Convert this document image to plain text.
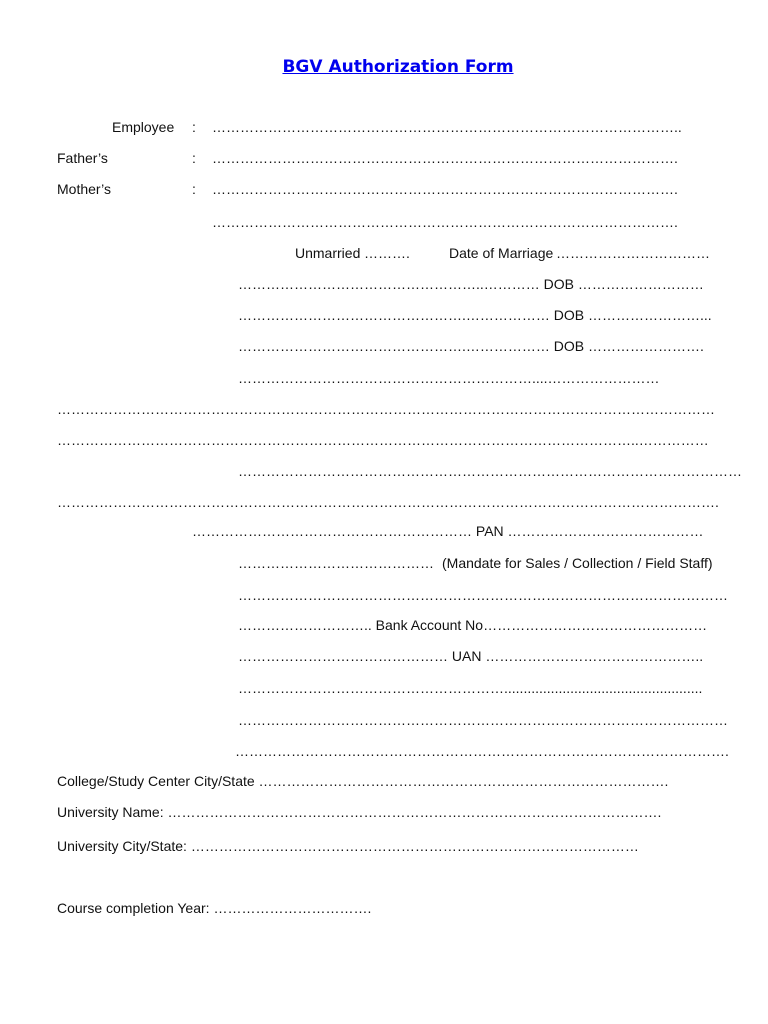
BGV Authorization Form
Employee : ………………………………………………………………………………………..
Father’s	: ……………………………………………………………………………………….
Mother’s	: ……………………………………………………………………………………….
……………………………………………………………………………………….
Unmarried ……….	Date of Marriage ……………………………
……………………………………………..………… DOB ………………………
………………………………………….……………… DOB ……………………...
………………………………………….……………… DOB …………………….
………………………………………………………....……………………
……………………………………………………………………………………………………………………………
……………………………………………………………………………………………………………..……………
………………………………………………………………………………………………
…………………………………………………………………………………………………………………………….
…………………………………………………… PAN ……………………………………
…………………………………… (Mandate for Sales / Collection / Field Staff)
……………………………………………………………………………………………
……………………….. Bank Account No…………………………………………
……………………………………… UAN ………………………………………..
…………………………………………………...................................................
……………………………………………………………………………………………
…………………………………………………………………………………………….
College/Study Center City/State …………………………………………………………………………….
University Name: …………………………………………………………………………………………….
University City/State: ……………………………………………………………………………………
Course completion Year: …………………………….
